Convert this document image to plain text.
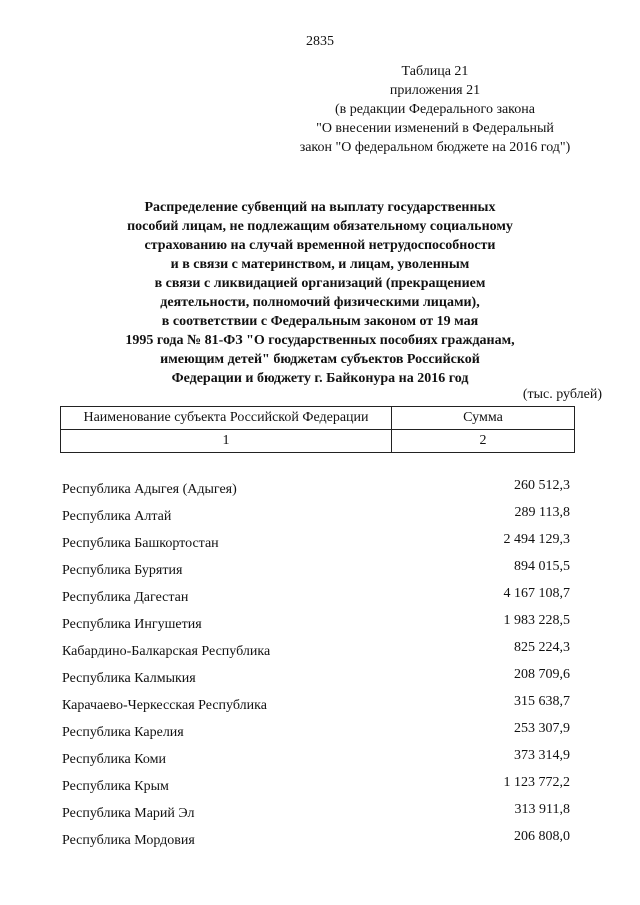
2835
Таблица 21
приложения 21
(в редакции Федерального закона
"О внесении изменений в Федеральный
закон "О федеральном бюджете на 2016 год")
Распределение субвенций на выплату государственных
пособий лицам, не подлежащим обязательному социальному
страхованию на случай временной нетрудоспособности
и в связи с материнством, и лицам, уволенным
в связи с ликвидацией организаций (прекращением
деятельности, полномочий физическими лицами),
в соответствии с Федеральным законом от 19 мая
1995 года № 81-ФЗ "О государственных пособиях гражданам,
имеющим детей" бюджетам субъектов Российской
Федерации и бюджету г. Байконура на 2016 год
(тыс. рублей)
Наименование субъекта Российской Федерации	Сумма
1	2
Республика Адыгея (Адыгея)	260 512,3
Республика Алтай	289 113,8
Республика Башкортостан	2 494 129,3
Республика Бурятия	894 015,5
Республика Дагестан	4 167 108,7
Республика Ингушетия	1 983 228,5
Кабардино-Балкарская Республика	825 224,3
Республика Калмыкия	208 709,6
Карачаево-Черкесская Республика	315 638,7
Республика Карелия	253 307,9
Республика Коми	373 314,9
Республика Крым	1 123 772,2
Республика Марий Эл	313 911,8
Республика Мордовия	206 808,0
